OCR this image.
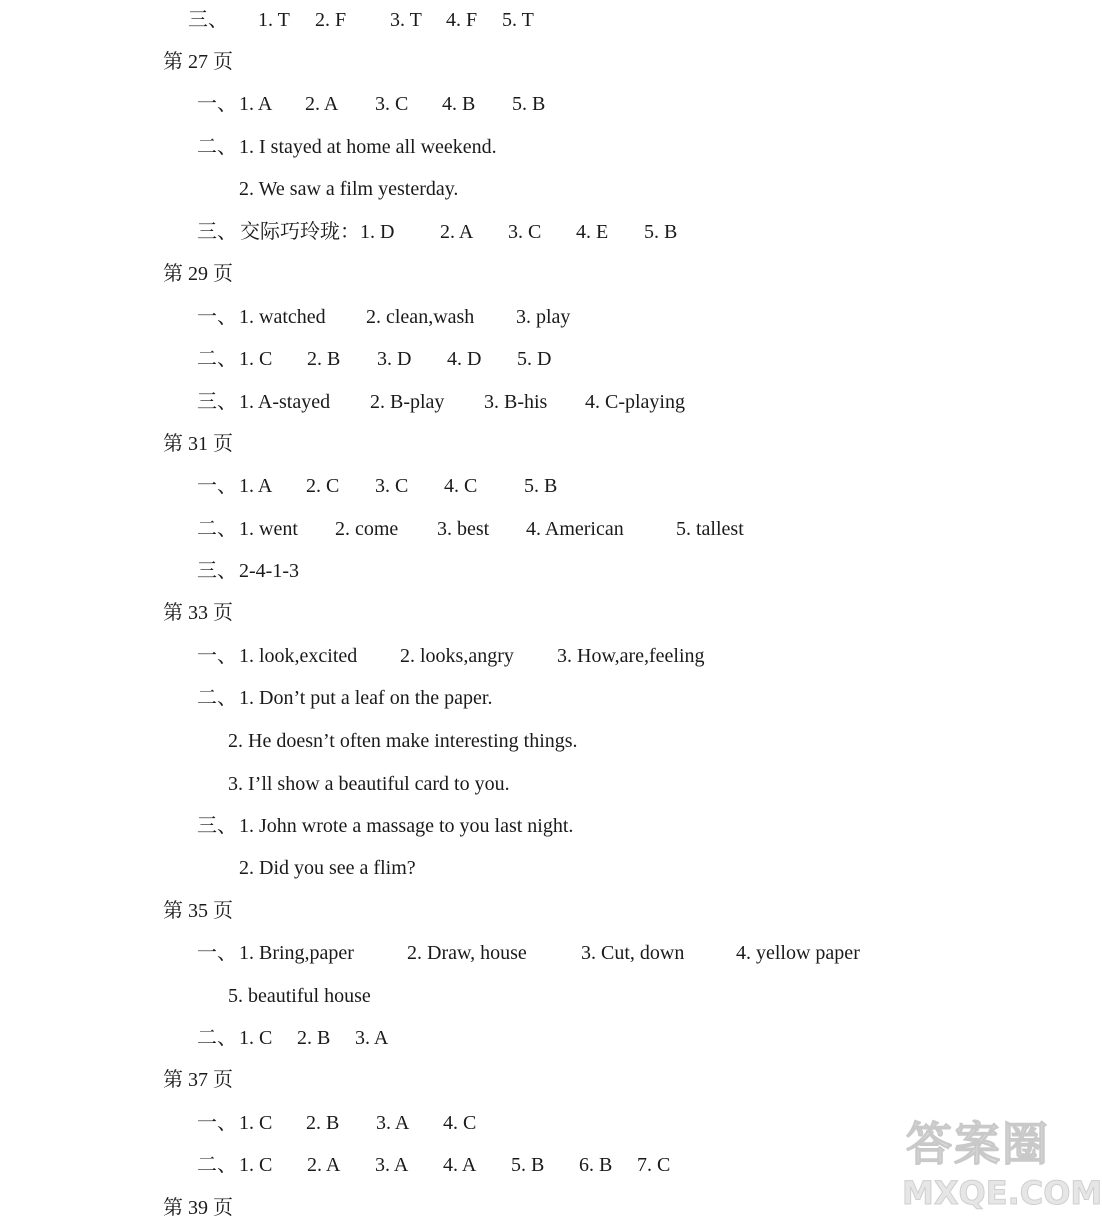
三、 1. T 2. F 3. T 4. F 5. T
第 27 页
一、 1. A 2. A 3. C 4. B 5. B
二、 1. I stayed at home all weekend.
2. We saw a film yesterday.
三、 交际巧玲珑：1. D 2. A 3. C 4. E 5. B
第 29 页
一、 1. watched 2. clean,wash 3. play
二、 1. C 2. B 3. D 4. D 5. D
三、 1. A-stayed 2. B-play 3. B-his 4. C-playing
第 31 页
一、 1. A 2. C 3. C 4. C 5. B
二、 1. went 2. come 3. best 4. American	5. tallest
三、 2-4-1-3
第 33 页
一、 1. look,excited 2. looks,angry 3. How,are,feeling
二、 1. Don’t put a leaf on the paper.
2. He doesn’t often make interesting things.
3. I’ll show a beautiful card to you.
三、 1. John wrote a massage to you last night.
2. Did you see a flim?
第 35 页
一、 1. Bring,paper	2. Draw, house	3. Cut, down	4. yellow paper
5. beautiful house
二、 1. C 2. B 3. A
第 37 页
一、 1. C 2. B 3. A 4. C
二、 1. C 2. A 3. A 4. A 5. B 6. B 7. C
第 39 页
答案圈
MXQE.COM
